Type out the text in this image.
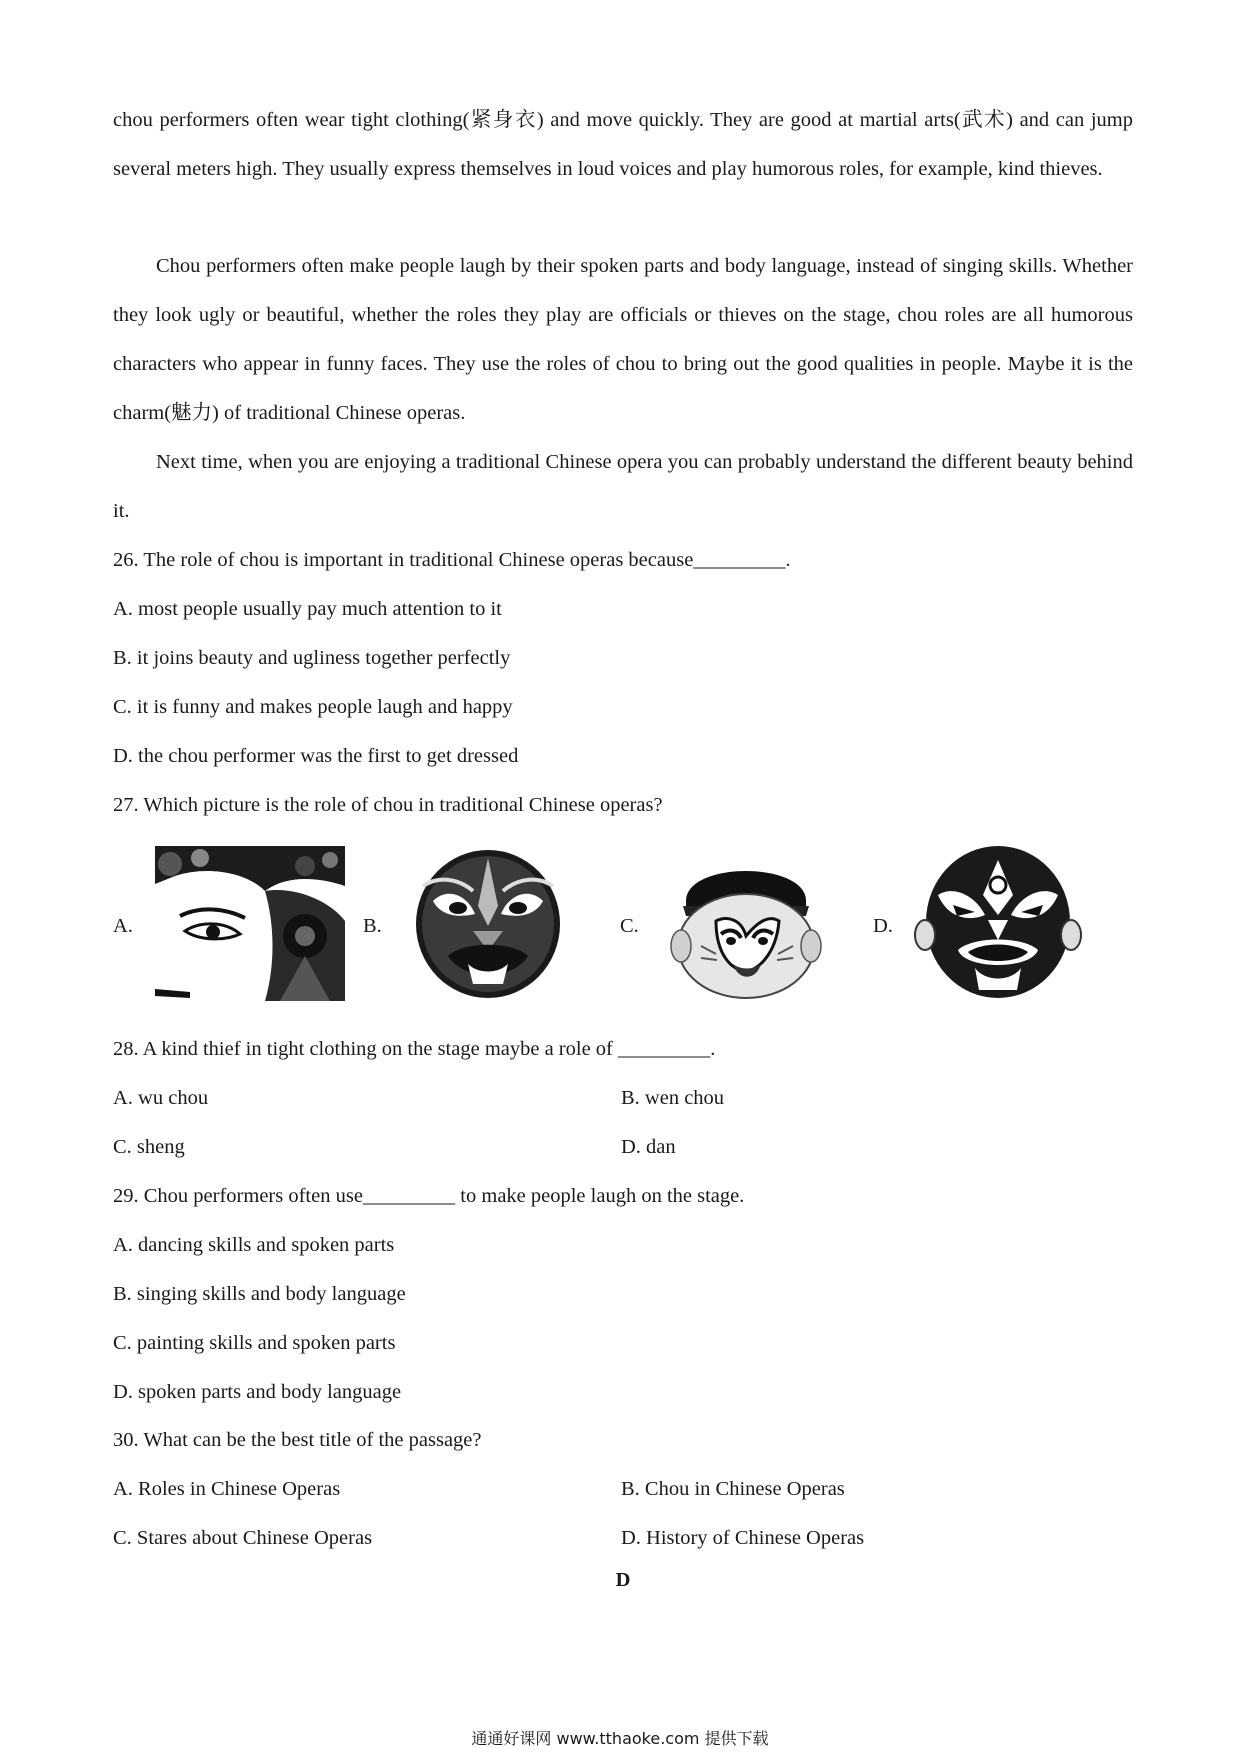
chou performers often wear tight clothing(紧身衣) and move quickly. They are good at martial arts(武术) and can jump several meters high. They usually express themselves in loud voices and play humorous roles, for example, kind thieves.
Chou performers often make people laugh by their spoken parts and body language, instead of singing skills. Whether they look ugly or beautiful, whether the roles they play are officials or thieves on the stage, chou roles are all humorous characters who appear in funny faces. They use the roles of chou to bring out the good qualities in people. Maybe it is the charm(魅力) of traditional Chinese operas.
Next time, when you are enjoying a traditional Chinese opera you can probably understand the different beauty behind it.
26. The role of chou is important in traditional Chinese operas because_________.
A. most people usually pay much attention to it
B. it joins beauty and ugliness together perfectly
C. it is funny and makes people laugh and happy
D. the chou performer was the first to get dressed
27. Which picture is the role of chou in traditional Chinese operas?
A.	B.	C.	D.
28. A kind thief in tight clothing on the stage maybe a role of _________.
A. wu chou	B. wen chou
C. sheng	D. dan
29. Chou performers often use_________ to make people laugh on the stage.
A. dancing skills and spoken parts
B. singing skills and body language
C. painting skills and spoken parts
D. spoken parts and body language
30. What can be the best title of the passage?
A. Roles in Chinese Operas	B. Chou in Chinese Operas
C. Stares about Chinese Operas	D. History of Chinese Operas
D
通通好课网 www.tthaoke.com 提供下载
